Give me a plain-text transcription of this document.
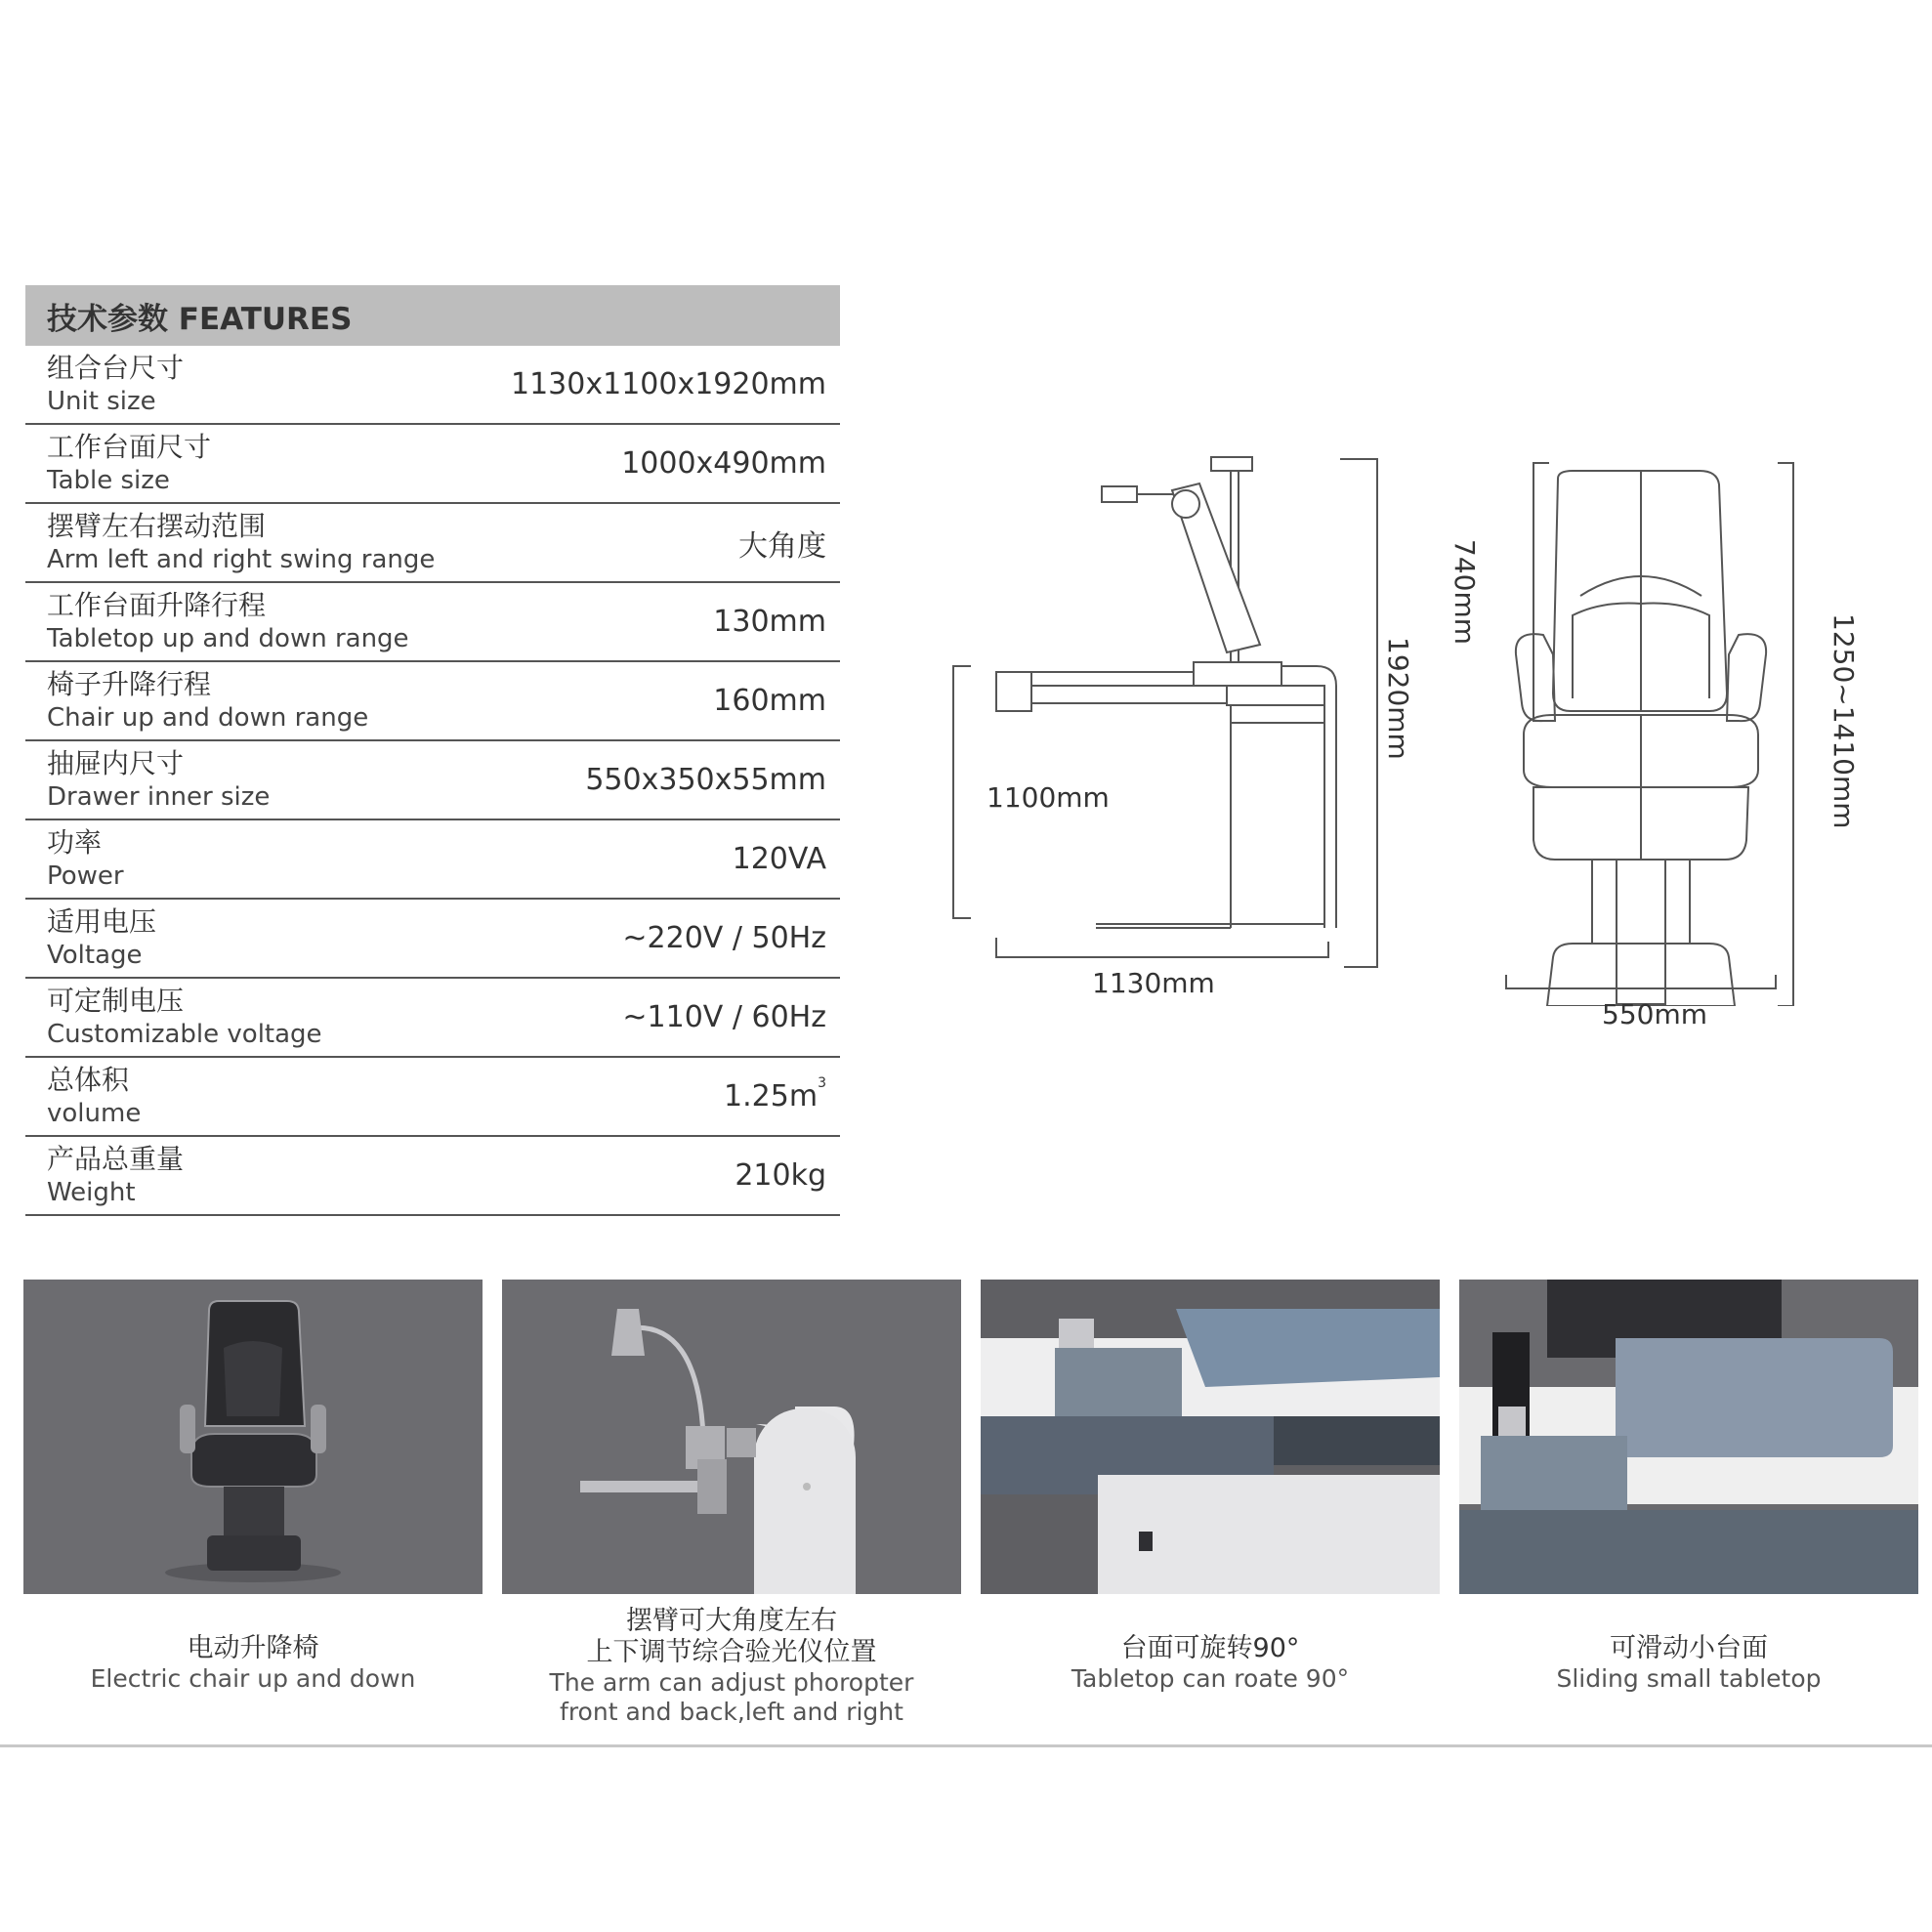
技术参数 FEATURES
组合台尺寸
Unit size	1130x1100x1920mm
工作台面尺寸
Table size	1000x490mm
摆臂左右摆动范围
Arm left and right swing range	大角度
工作台面升降行程
Tabletop up and down range	130mm
椅子升降行程
Chair up and down range	160mm
抽屉内尺寸
Drawer inner size	550x350x55mm
功率
Power	120VA
适用电压
Voltage	~220V / 50Hz
可定制电压
Customizable voltage	~110V / 60Hz
总体积
volume	$1.25m^3$
产品总重量
Weight	210kg
1920mm
1100mm
1130mm
740mm
1250~1410mm
550mm
电动升降椅
Electric chair up and down
摆臂可大角度左右
上下调节综合验光仪位置
The arm can adjust phoropter
front and back,left and right
台面可旋转90°
Tabletop can roate 90°
可滑动小台面
Sliding small tabletop
